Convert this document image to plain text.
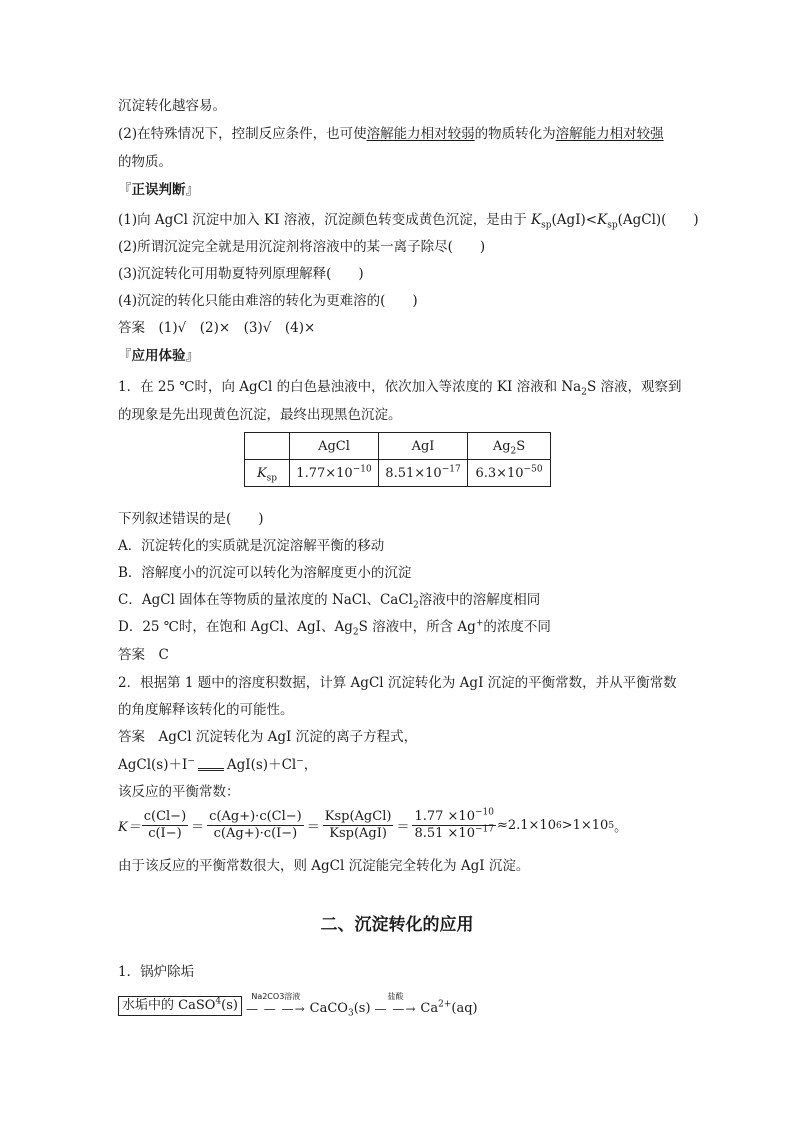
沉淀转化越容易。
(2)在特殊情况下，控制反应条件，也可使溶解能力相对较弱的物质转化为溶解能力相对较强
的物质。
『正误判断』
(1)向 AgCl 沉淀中加入 KI 溶液，沉淀颜色转变成黄色沉淀，是由于 $K_{sp}(AgI)<K_{sp}(AgCl)$(　　)
(2)所谓沉淀完全就是用沉淀剂将溶液中的某一离子除尽(　　)
(3)沉淀转化可用勒夏特列原理解释(　　)
(4)沉淀的转化只能由难溶的转化为更难溶的(　　)
答案　(1)√　(2)×　(3)√　(4)×
『应用体验』
1．在 25 ℃时，向 AgCl 的白色悬浊液中，依次加入等浓度的 KI 溶液和 $Na_2S$ 溶液，观察到
的现象是先出现黄色沉淀，最终出现黑色沉淀。
	AgCl	AgI	$Ag_2S$
$K_{sp}$	$1.77\times 10^{-10}$	$8.51\times 10^{-17}$	$6.3\times 10^{-50}$
下列叙述错误的是(　　)
A．沉淀转化的实质就是沉淀溶解平衡的移动
B．溶解度小的沉淀可以转化为溶解度更小的沉淀
C．AgCl 固体在等物质的量浓度的 NaCl、CaCl$_2$溶液中的溶解度相同
D．25 ℃时，在饱和 AgCl、AgI、$Ag_2S$ 溶液中，所含 Ag+的浓度不同
答案　C
2．根据第 1 题中的溶度积数据，计算 AgCl 沉淀转化为 AgI 沉淀的平衡常数，并从平衡常数
的角度解释该转化的可能性。
答案　AgCl 沉淀转化为 AgI 沉淀的离子方程式，
AgCl(s)＋I− AgI(s)＋Cl−，
该反应的平衡常数：
$K= \frac{c(Cl-)}{c(I-)} = \frac{c(Ag+)\cdot c(Cl-)}{c(Ag+)\cdot c(I-)} = \frac{\text{Ksp(AgCl)}}{\text{Ksp(AgI)}} = \frac{1.77 \times 10^{-10}}{8.51 \times 10^{-17}} \approx 2.1\times 10$ 6 >1×10 5 。
由于该反应的平衡常数很大，则 AgCl 沉淀能完全转化为 AgI 沉淀。
二、沉淀转化的应用
1．锅炉除垢
水垢中的 CaSO$^4$(s)
Na2CO3溶液
— — —→ CaCO$_3$(s)
盐酸
— —→ $Ca^{2+}(aq)$
